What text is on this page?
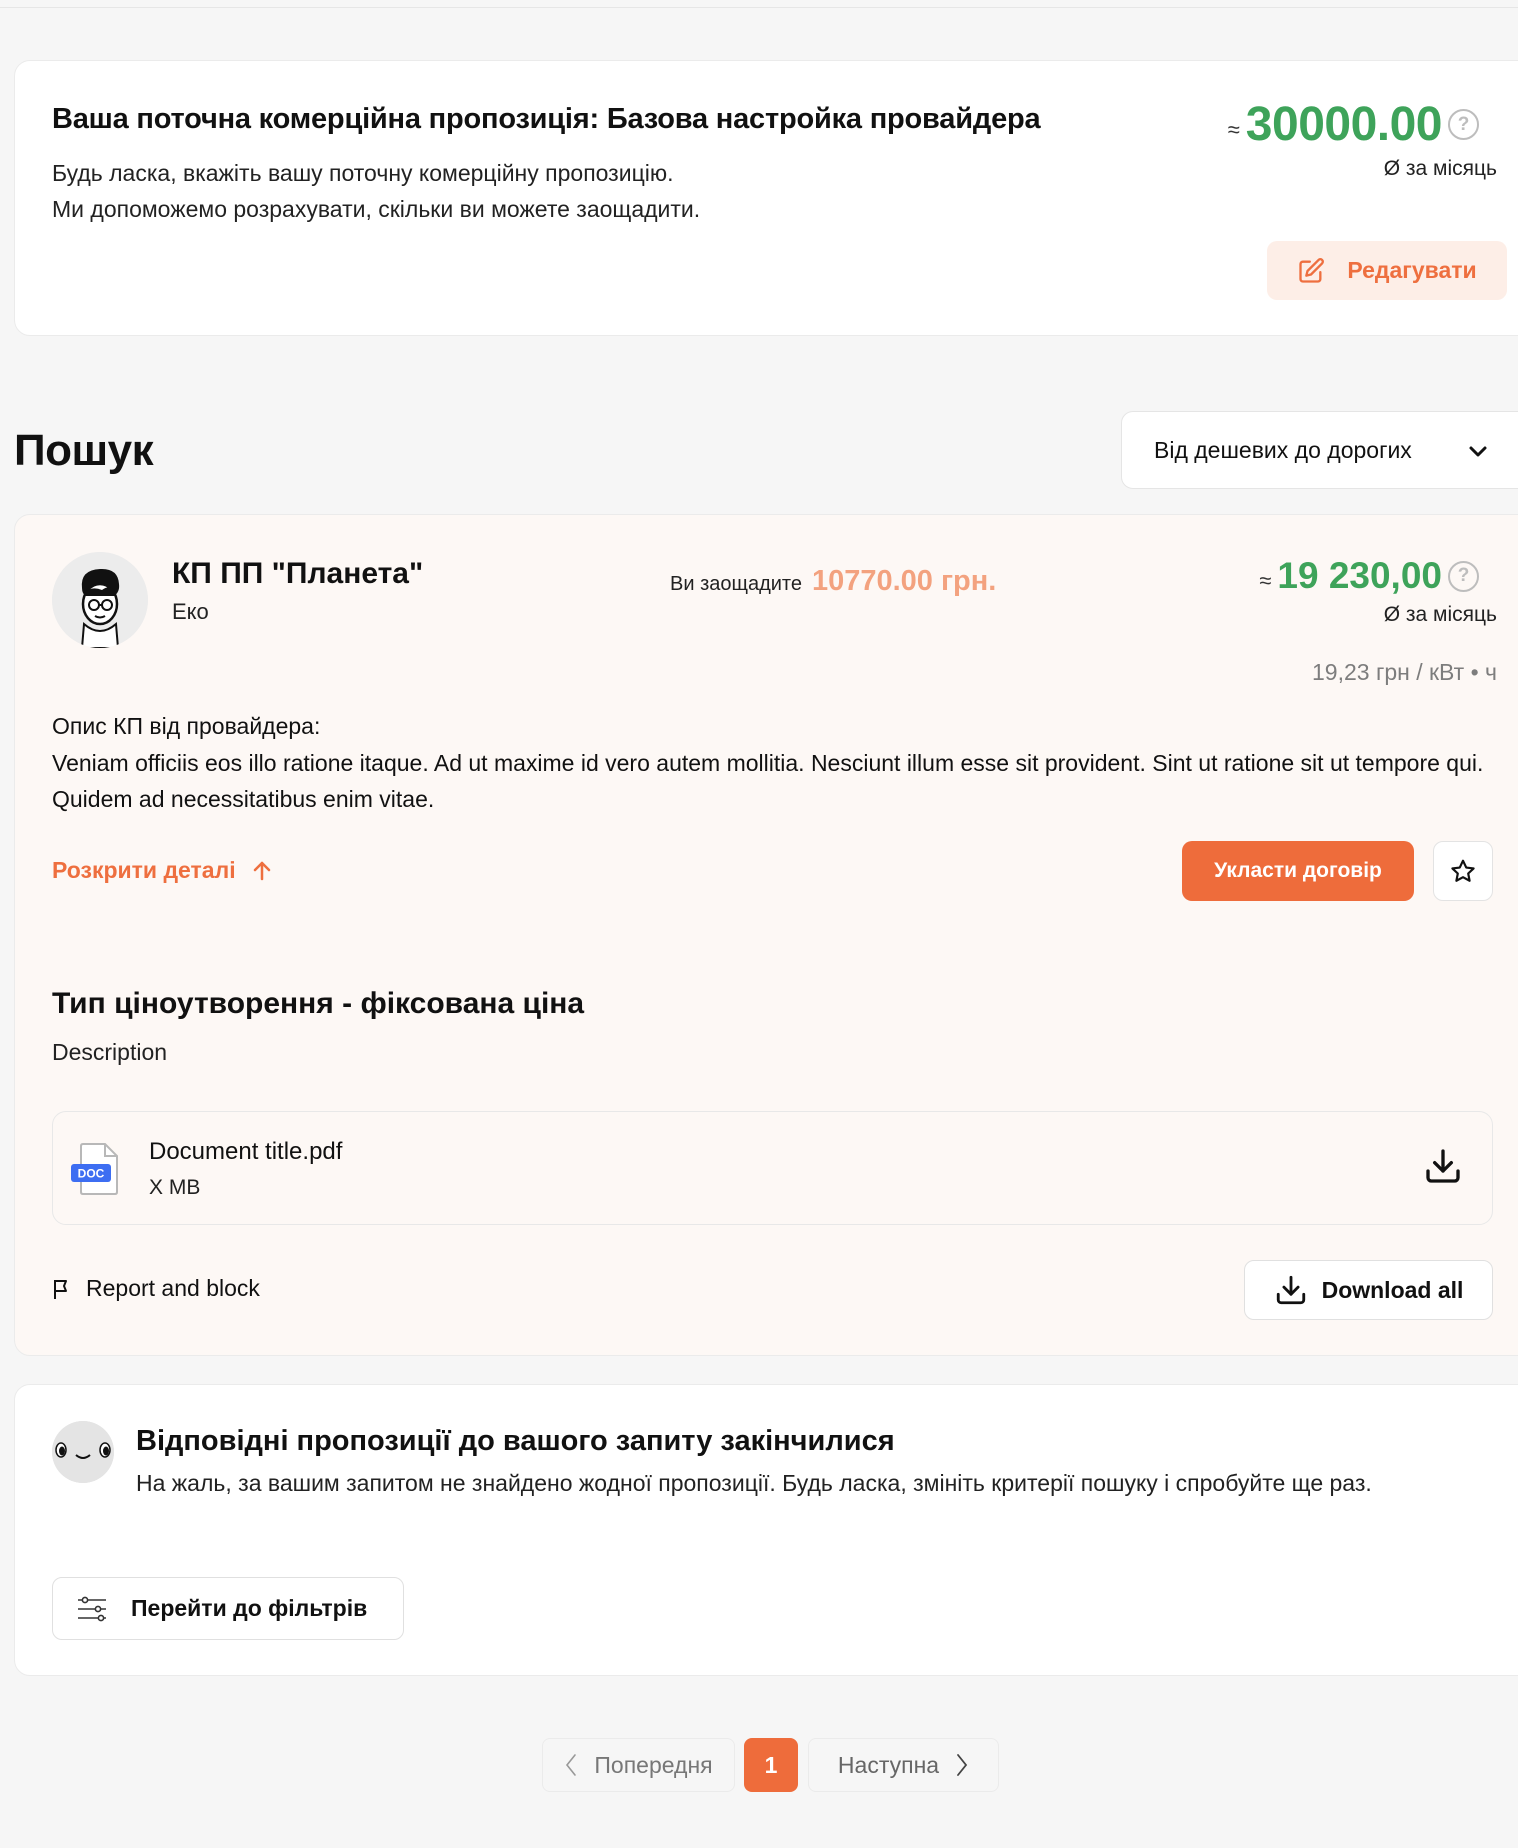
Ваша поточна комерційна пропозиція: Базова настройка провайдера
Будь ласка, вкажіть вашу поточну комерційну пропозицію.
Ми допоможемо розрахувати, скільки ви можете заощадити.
≈ 30000.00 ?
Ø за місяць
Редагувати
Пошук	Від дешевих до дорогих
КП ПП "Планета"
Еко
Ви заощадите 10770.00 грн.	≈ 19 230,00 ?
Ø за місяць
19,23 грн / кВт • ч
Опис КП від провайдера:
Veniam officiis eos illo ratione itaque. Ad ut maxime id vero autem mollitia. Nesciunt illum esse sit provident. Sint ut ratione sit ut tempore qui. Quidem ad necessitatibus enim vitae.
Розкрити деталі	Укласти договір
Тип ціноутворення - фіксована ціна
Description
DOC
Document title.pdf
X MB
Report and block	Download all
Відповідні пропозиції до вашого запиту закінчилися
На жаль, за вашим запитом не знайдено жодної пропозиції. Будь ласка, змініть критерії пошуку і спробуйте ще раз.
Перейти до фільтрів
Попередня	1	Наступна
